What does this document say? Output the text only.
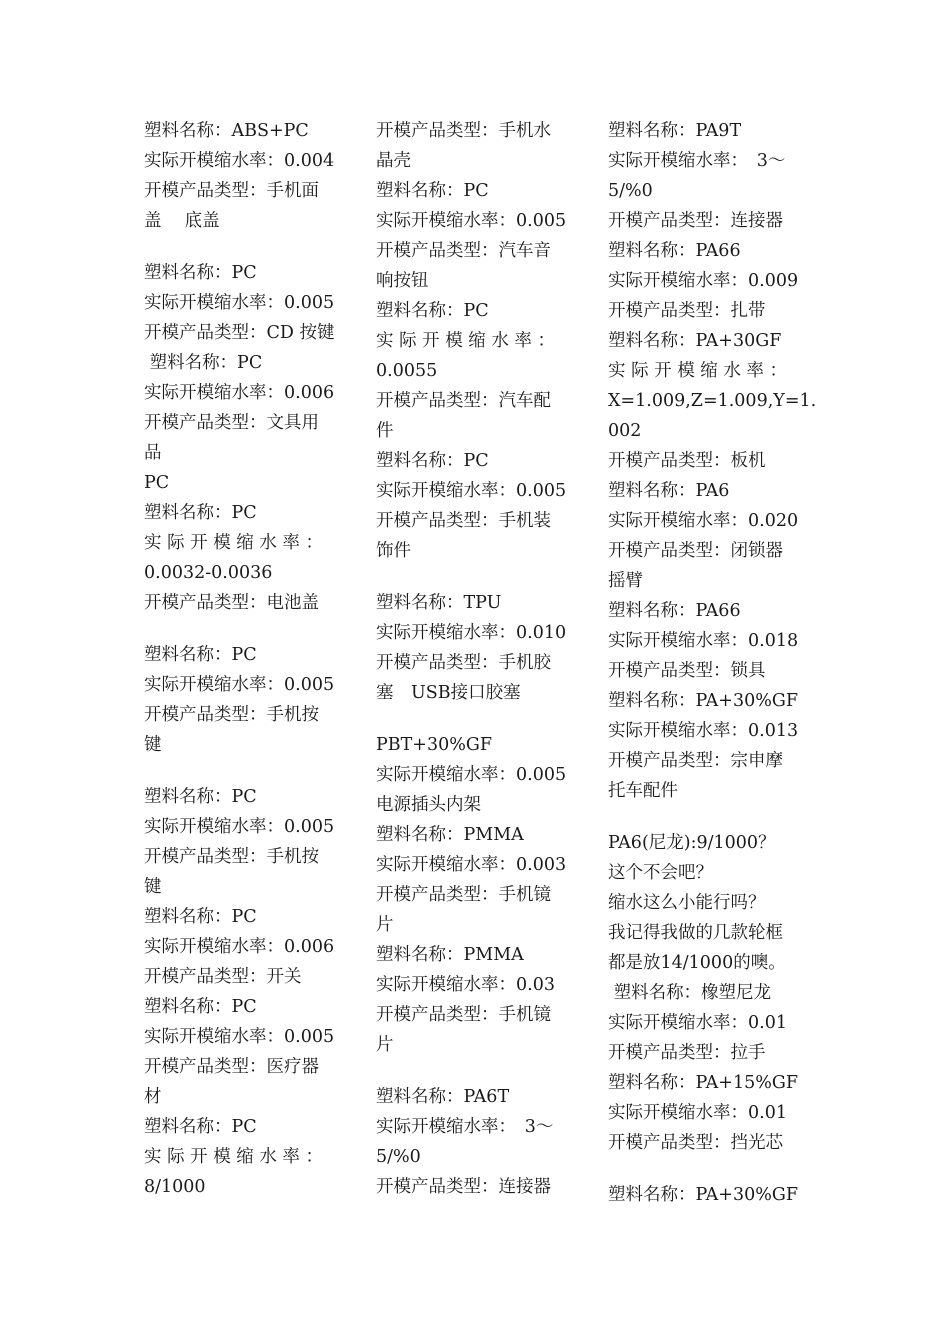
塑料名称：ABS+PC
实际开模缩水率：0.004
开模产品类型：手机面
盖　 底盖
塑料名称：PC
实际开模缩水率：0.005
开模产品类型：CD 按键
塑料名称：PC
实际开模缩水率：0.006
开模产品类型：文具用
品
PC
塑料名称：PC
实 际 开 模 缩 水 率 ：
0.0032-0.0036
开模产品类型：电池盖
塑料名称：PC
实际开模缩水率：0.005
开模产品类型：手机按
键
塑料名称：PC
实际开模缩水率：0.005
开模产品类型：手机按
键
塑料名称：PC
实际开模缩水率：0.006
开模产品类型：开关
塑料名称：PC
实际开模缩水率：0.005
开模产品类型：医疗器
材
塑料名称：PC
实 际 开 模 缩 水 率 ：
8/1000
开模产品类型：手机水
晶壳
塑料名称：PC
实际开模缩水率：0.005
开模产品类型：汽车音
响按钮
塑料名称：PC
实 际 开 模 缩 水 率 ：
0.0055
开模产品类型：汽车配
件
塑料名称：PC
实际开模缩水率：0.005
开模产品类型：手机装
饰件
塑料名称：TPU
实际开模缩水率：0.010
开模产品类型：手机胶
塞　USB接口胶塞
PBT+30%GF
实际开模缩水率：0.005
电源插头内架
塑料名称：PMMA
实际开模缩水率：0.003
开模产品类型：手机镜
片
塑料名称：PMMA
实际开模缩水率：0.03
开模产品类型：手机镜
片
塑料名称：PA6T
实际开模缩水率：　3～
5/%0
开模产品类型：连接器
塑料名称：PA9T
实际开模缩水率：　3～
5/%0
开模产品类型：连接器
塑料名称：PA66
实际开模缩水率：0.009
开模产品类型：扎带
塑料名称：PA+30GF
实 际 开 模 缩 水 率 ：
X=1.009,Z=1.009,Y=1.
002
开模产品类型：板机
塑料名称：PA6
实际开模缩水率：0.020
开模产品类型：闭锁器
摇臂
塑料名称：PA66
实际开模缩水率：0.018
开模产品类型：锁具
塑料名称：PA+30%GF
实际开模缩水率：0.013
开模产品类型：宗申摩
托车配件
PA6(尼龙):9/1000？
这个不会吧？
缩水这么小能行吗？
我记得我做的几款轮框
都是放14/1000的噢。
塑料名称：橡塑尼龙
实际开模缩水率：0.01
开模产品类型：拉手
塑料名称：PA+15%GF
实际开模缩水率：0.01
开模产品类型：挡光芯
塑料名称：PA+30%GF
